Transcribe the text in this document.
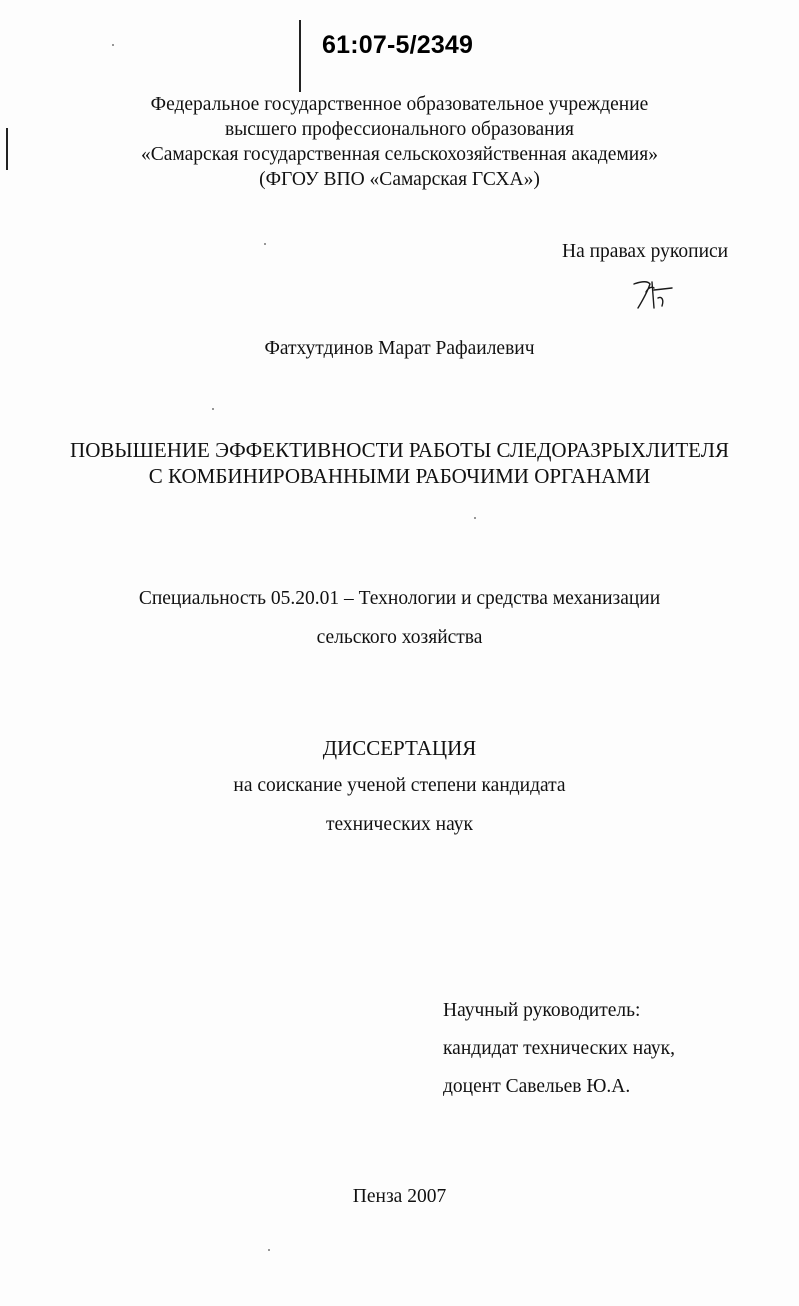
61:07-5/2349
Федеральное государственное образовательное учреждение
высшего профессионального образования
«Самарская государственная сельскохозяйственная академия»
(ФГОУ ВПО «Самарская ГСХА»)
На правах рукописи
Фатхутдинов Марат Рафаилевич
ПОВЫШЕНИЕ ЭФФЕКТИВНОСТИ РАБОТЫ СЛЕДОРАЗРЫХЛИТЕЛЯ
С КОМБИНИРОВАННЫМИ РАБОЧИМИ ОРГАНАМИ
Специальность 05.20.01 – Технологии и средства механизации
сельского хозяйства
ДИССЕРТАЦИЯ
на соискание ученой степени кандидата
технических наук
Научный руководитель:
кандидат технических наук,
доцент Савельев Ю.А.
Пенза 2007
